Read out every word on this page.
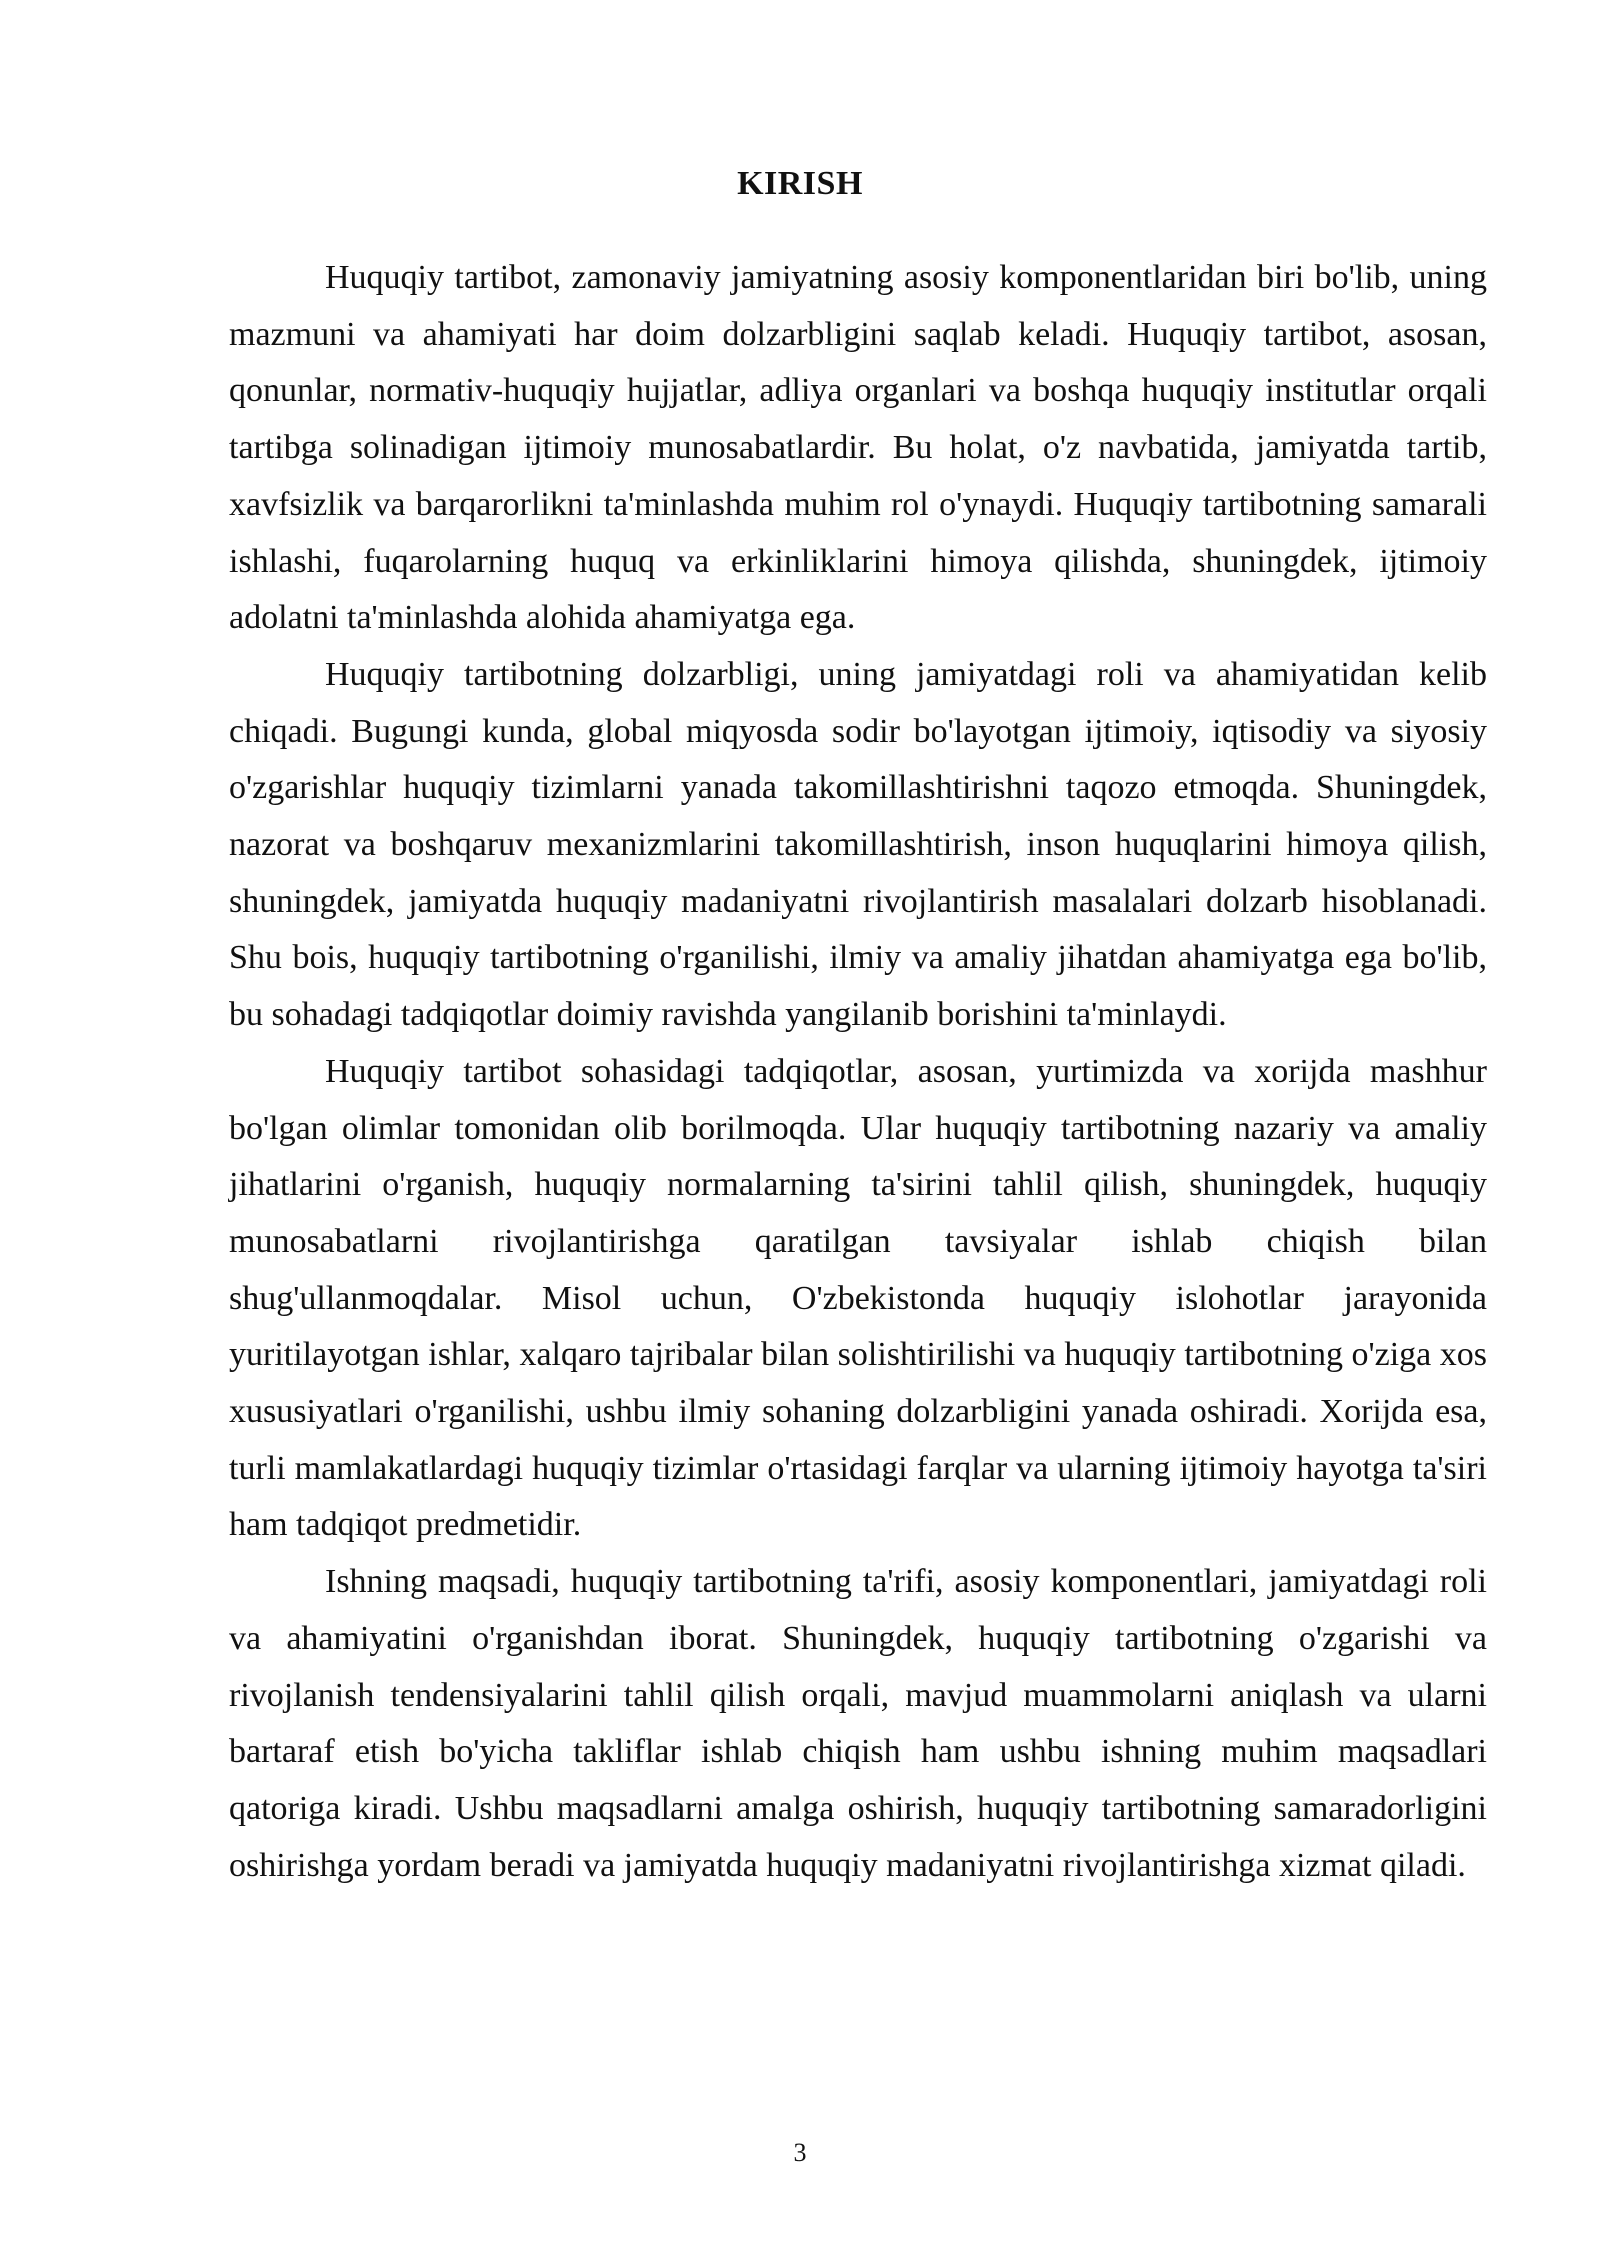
KIRISH

Huquqiy tartibot, zamonaviy jamiyatning asosiy komponentlaridan biri bo'lib, uning mazmuni va ahamiyati har doim dolzarbligini saqlab keladi. Huquqiy tartibot, asosan, qonunlar, normativ-huquqiy hujjatlar, adliya organlari va boshqa huquqiy institutlar orqali tartibga solinadigan ijtimoiy munosabatlardir. Bu holat, o'z navbatida, jamiyatda tartib, xavfsizlik va barqarorlikni ta'minlashda muhim rol o'ynaydi. Huquqiy tartibotning samarali ishlashi, fuqarolarning huquq va erkinliklarini himoya qilishda, shuningdek, ijtimoiy adolatni ta'minlashda alohida ahamiyatga ega.

Huquqiy tartibotning dolzarbligi, uning jamiyatdagi roli va ahamiyatidan kelib chiqadi. Bugungi kunda, global miqyosda sodir bo'layotgan ijtimoiy, iqtisodiy va siyosiy o'zgarishlar huquqiy tizimlarni yanada takomillashtirishni taqozo etmoqda. Shuningdek, nazorat va boshqaruv mexanizmlarini takomillashtirish, inson huquqlarini himoya qilish, shuningdek, jamiyatda huquqiy madaniyatni rivojlantirish masalalari dolzarb hisoblanadi. Shu bois, huquqiy tartibotning o'rganilishi, ilmiy va amaliy jihatdan ahamiyatga ega bo'lib, bu sohadagi tadqiqotlar doimiy ravishda yangilanib borishini ta'minlaydi.

Huquqiy tartibot sohasidagi tadqiqotlar, asosan, yurtimizda va xorijda mashhur bo'lgan olimlar tomonidan olib borilmoqda. Ular huquqiy tartibotning nazariy va amaliy jihatlarini o'rganish, huquqiy normalarning ta'sirini tahlil qilish, shuningdek, huquqiy munosabatlarni rivojlantirishga qaratilgan tavsiyalar ishlab chiqish bilan shug'ullanmoqdalar. Misol uchun, O'zbekistonda huquqiy islohotlar jarayonida yuritilayotgan ishlar, xalqaro tajribalar bilan solishtirilishi va huquqiy tartibotning o'ziga xos xususiyatlari o'rganilishi, ushbu ilmiy sohaning dolzarbligini yanada oshiradi. Xorijda esa, turli mamlakatlardagi huquqiy tizimlar o'rtasidagi farqlar va ularning ijtimoiy hayotga ta'siri ham tadqiqot predmetidir.

Ishning maqsadi, huquqiy tartibotning ta'rifi, asosiy komponentlari, jamiyatdagi roli va ahamiyatini o'rganishdan iborat. Shuningdek, huquqiy tartibotning o'zgarishi va rivojlanish tendensiyalarini tahlil qilish orqali, mavjud muammolarni aniqlash va ularni bartaraf etish bo'yicha takliflar ishlab chiqish ham ushbu ishning muhim maqsadlari qatoriga kiradi. Ushbu maqsadlarni amalga oshirish, huquqiy tartibotning samaradorligini oshirishga yordam beradi va jamiyatda huquqiy madaniyatni rivojlantirishga xizmat qiladi.

3
